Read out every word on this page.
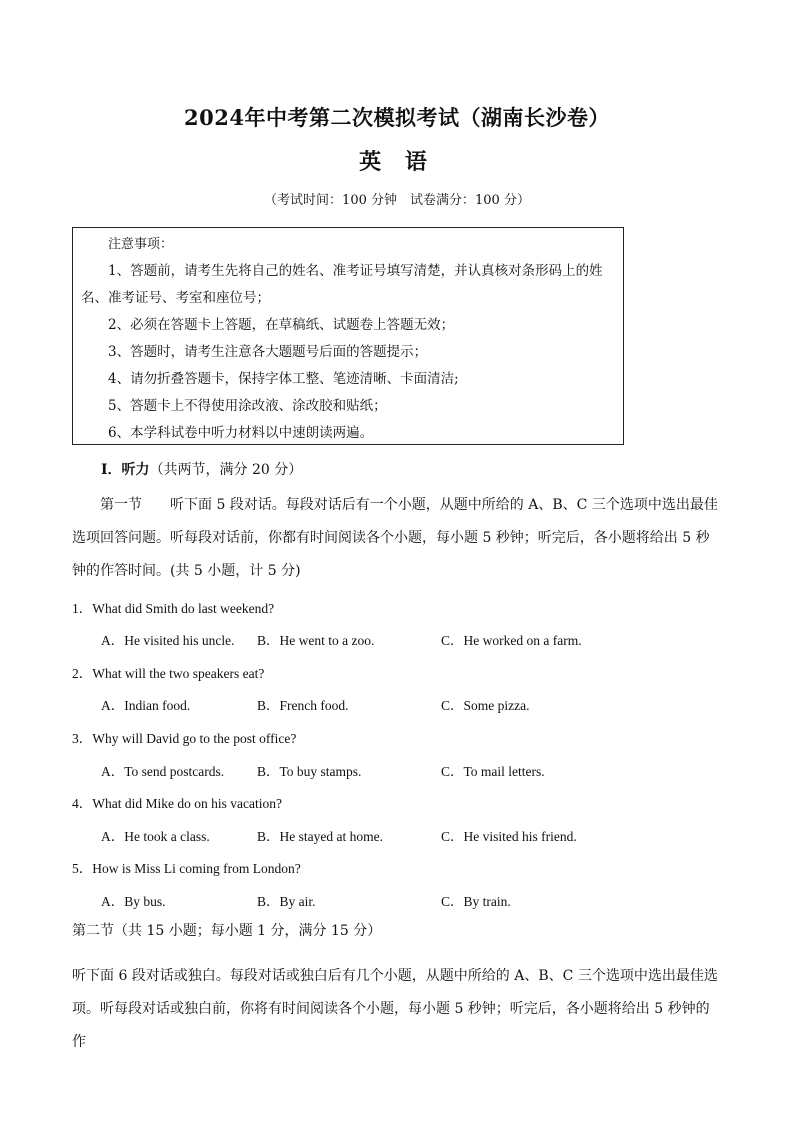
2024年中考第二次模拟考试（湖南长沙卷）
英 语
（考试时间：100 分钟　试卷满分：100 分）
注意事项：
1、答题前，请考生先将自己的姓名、准考证号填写清楚，并认真核对条形码上的姓名、准考证号、考室和座位号；
2、必须在答题卡上答题，在草稿纸、试题卷上答题无效；
3、答题时，请考生注意各大题题号后面的答题提示；
4、请勿折叠答题卡，保持字体工整、笔迹清晰、卡面清洁;
5、答题卡上不得使用涂改液、涂改胶和贴纸；
6、本学科试卷中听力材料以中速朗读两遍。
I．听力（共两节，满分 20 分）
第一节　　听下面 5 段对话。每段对话后有一个小题，从题中所给的 A、B、C 三个选项中选出最佳选项回答问题。听每段对话前，你都有时间阅读各个小题，每小题 5 秒钟；听完后，各小题将给出 5 秒钟的作答时间。(共 5 小题，计 5 分)
1．What did Smith do last weekend?
A．He visited his uncle. B．He went to a zoo.	C．He worked on a farm.
2．What will the two speakers eat?
A．Indian food.	B．French food.	C．Some pizza.
3．Why will David go to the post office?
A．To send postcards. B．To buy stamps.	C．To mail letters.
4．What did Mike do on his vacation?
A．He took a class.	B．He stayed at home.	C．He visited his friend.
5．How is Miss Li coming from London?
A．By bus.	B．By air.	C．By train.
第二节（共 15 小题；每小题 1 分，满分 15 分）
听下面 6 段对话或独白。每段对话或独白后有几个小题，从题中所给的 A、B、C 三个选项中选出最佳选项。听每段对话或独白前，你将有时间阅读各个小题，每小题 5 秒钟；听完后，各小题将给出 5 秒钟的作
